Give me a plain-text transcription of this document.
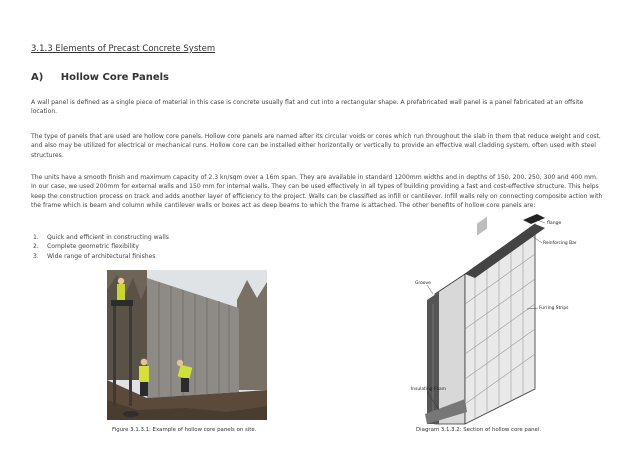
3.1.3 Elements of Precast Concrete System
A) Hollow Core Panels

A wall panel is defined as a single piece of material in this case is concrete usually flat and cut into a rectangular shape. A prefabricated wall panel is a panel fabricated at an offsite location.

The type of panels that are used are hollow core panels. Hollow core panels are named after its circular voids or cores which run throughout the slab in them that reduce weight and cost, and also may be utilized for electrical or mechanical runs. Hollow core can be installed either horizontally or vertically to provide an effective wall cladding system, often used with steel structures.

The units have a smooth finish and maximum capacity of 2.3 kn/sqm over a 16m span. They are available in standard 1200mm widths and in depths of 150, 200, 250, 300 and 400 mm. In our case, we used 200mm for external walls and 150 mm for internal walls. They can be used effectively in all types of building providing a fast and cost-effective structure. This helps keep the construction process on track and adds another layer of efficiency to the project. Walls can be classified as infill or cantilever. Infill walls rely on connecting composite action with the frame which is beam and column while cantilever walls or boxes act as deep beams to which the frame is attached. The other benefits of hollow core panels are:

1.	Quick and efficient in constructing walls
2.	Complete geometric flexibility
3.	Wide range of architectural finishes
flange
Reinforcing Bar
Groove
Furring Strips
Insulating Foam
Figure 3.1.3.1: Example of hollow core panels on site.	Diagram 3.1.3.2: Section of hollow core panel.
